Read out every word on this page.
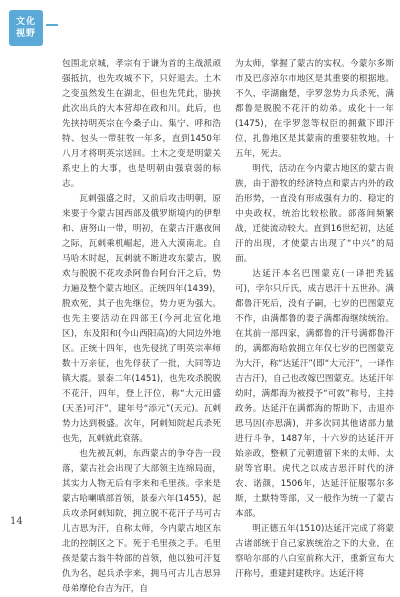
文化
视野

包围北京城，孝宗有于谦为首的主战派顽强抵抗，也先攻城不下，只好退去。土木之变虽然发生在湖北，但也先凭此，胁挟此次出兵的大本营却在政和川。此后，也先挟持明英宗在今桑子山、集宁、呼和浩特、包头一带驻牧一年多，直到1450年八月才将明英宗送回。土木之变是明蒙关系史上的大事，也是明朝由强衰弱的标志。

瓦剌强盛之时，又前后攻击明朝，原来要于今蒙古国西部及俄罗斯境内的伊犁和、唐努山一带，明初，在蒙古汗惠夜间之际，瓦剌乘机崛起，进入大漠南北。自马哈木时起，瓦剌就不断进攻东蒙古，脱欢与脱脱不花攻杀阿鲁台阿台汗之后，势力遍及整个蒙古地区。正统四年(1439)，脱欢死，其子也先继位，势力更为强大。也先主要活动在四部王(今河北宣化地区)，东及阳和(今山西阳高)的大同边外地区。正统十四年，也先侵扰了明英宗率师数十万亲征，也先俘获了一批，大同等边镇大震。景泰二年(1451)，也先攻杀脱脱不花汗，四年，登上汗位，称“大元田盛(天圣)可汗”，建年号“添元”(天元)。瓦剌势力达到极盛。次年，阿剌知院起兵杀死也先，瓦剌就此衰落。

也先被瓦剌，东西蒙古的争夺告一段落，蒙古社会出现了大部领主连绵局面，其实力人物无后有孛来和毛里孩。孛来是蒙古哈喇嗔部首领，景泰六年(1455)，起兵攻杀阿剌知院，拥立脱不花汗子马可古儿吉思为汗，自称太师，今内蒙古地区东北的控制区之下。死于毛里孩之手。毛里孩是蒙古翁牛特部的首领，他以独可汗复仇为名，起兵杀孛来，拥马可古儿吉思异母弟摩伦台吉为汗，自

为太师，掌握了蒙古的实权。今蒙尔多斯市及巴彦淖尔市地区是其重要的根据地。不久，孛湖幽楚，孛罗忽势力兵杀死，满都鲁是脱脱不花汗的幼弟。成化十一年(1475)，在孛罗忽等权臣的拥戴下即汗位，扎鲁地区是其蒙南的重要驻牧地。十五年，死去。

明代，活动在今内蒙古地区的蒙古贵族，由于游牧的经济特点和蒙古内外的政治形势，一直没有形成强有力的、稳定的中央政权，统治比较松散。部落间频繁战，迁徙流动较大。直到16世纪初，达延汗的出现，才使蒙古出现了“中兴”的局面。

达延汗本名巴图蒙克(一译把秃猛可)，孛尔只斤氏，成吉思汗十五世孙。满都鲁汗死后，没有子嗣，七岁的巴图蒙克不作，由满都鲁的妻子满都海继续统治。在其前一部四家，满都鲁的汗号满都鲁汗的，满都海哈敦拥立年仅七岁的巴图蒙克为大汗，称“达延汗”(即“大元汗”，一译作吉吉汗)，自己也改嫁巴图蒙克。达延汗年幼时，满都海为被授予“可敦”称号，主持政务。达延汗在满都海的帮助下，击退亦思马因(亦思满)，并多次同其他诸部力量进行斗争，1487年，十六岁的达延汗开始亲政，整顿了元朝遗留下来的太师、太尉等官职。虎代之以成吉思汗时代的济农、诺颜，1506年，达延汗征服鄂尔多斯，土默特等部，又一般作为统一了蒙古本部。

明正德五年(1510)达延汗完成了将蒙古诸部统于自己家族统治之下的大业，在察哈尔部的八白室前称大汗，重新宣布大汗称号，重建封建秩序。达延汗将

14
